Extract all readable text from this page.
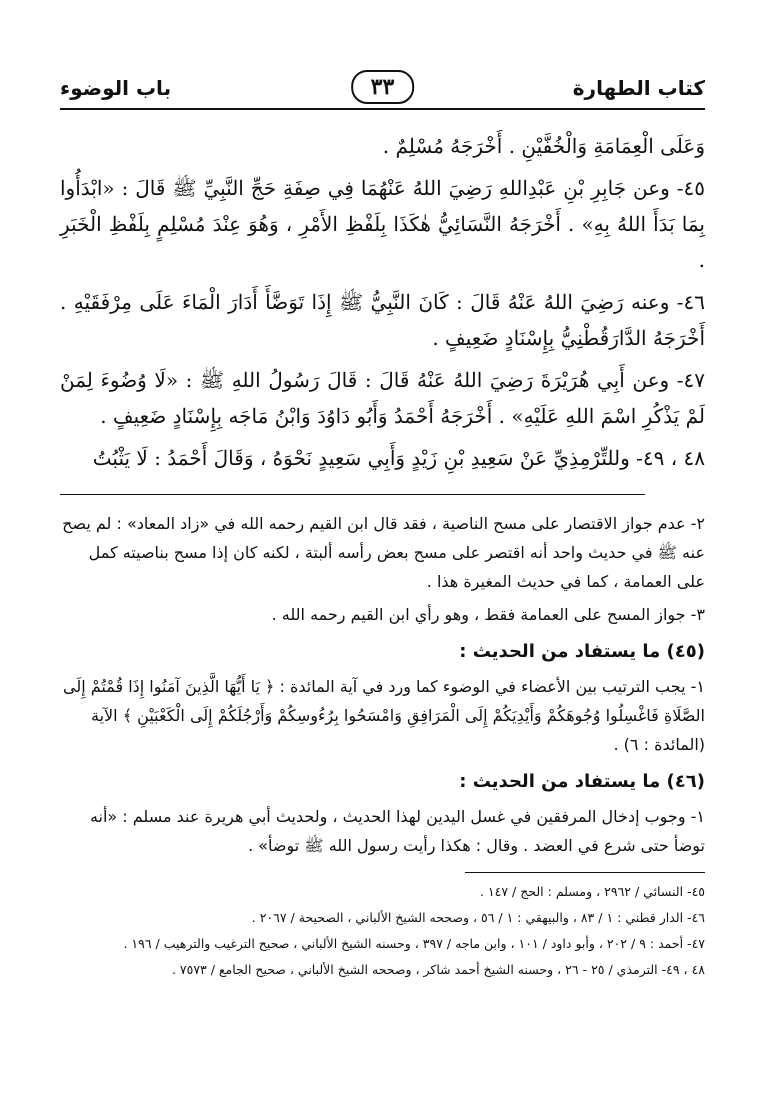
كتاب الطهارة
٣٣
باب الوضوء

وَعَلَى الْعِمَامَةِ وَالْخُفَّيْنِ . أَخْرَجَهُ مُسْلِمٌ .

٤٥- وعن جَابِرِ بْنِ عَبْدِاللهِ رَضِيَ اللهُ عَنْهُمَا فِي صِفَةِ حَجِّ النَّبِيِّ ﷺ قَالَ : «ابْدَأُوا بِمَا بَدَأَ اللهُ بِهِ» . أَخْرَجَهُ النَّسَائِيُّ هٰكَذَا بِلَفْظِ الأَمْرِ ، وَهُوَ عِنْدَ مُسْلِمٍ بِلَفْظِ الْخَبَرِ .

٤٦- وعنه رَضِيَ اللهُ عَنْهُ قَالَ : كَانَ النَّبِيُّ ﷺ إِذَا تَوَضَّأَ أَدَارَ الْمَاءَ عَلَى مِرْفَقَيْهِ . أَخْرَجَهُ الدَّارَقُطْنِيُّ بِإِسْنَادٍ ضَعِيفٍ .

٤٧- وعن أَبِي هُرَيْرَةَ رَضِيَ اللهُ عَنْهُ قَالَ : قَالَ رَسُولُ اللهِ ﷺ : «لَا وُضُوءَ لِمَنْ لَمْ يَذْكُرِ اسْمَ اللهِ عَلَيْهِ» . أَخْرَجَهُ أَحْمَدُ وَأَبُو دَاوُدَ وَابْنُ مَاجَه بِإِسْنَادٍ ضَعِيفٍ .

٤٨ ، ٤٩- وللتِّرْمِذِيِّ عَنْ سَعِيدِ بْنِ زَيْدٍ وَأَبِي سَعِيدٍ نَحْوَهُ ، وَقَالَ أَحْمَدُ : لَا يَثْبُتُ

٢- عدم جواز الاقتصار على مسح الناصية ، فقد قال ابن القيم رحمه الله في «زاد المعاد» : لم يصح عنه ﷺ في حديث واحد أنه اقتصر على مسح بعض رأسه ألبتة ، لكنه كان إذا مسح بناصيته كمل على العمامة ، كما في حديث المغيرة هذا .

٣- جواز المسح على العمامة فقط ، وهو رأي ابن القيم رحمه الله .

(٤٥) ما يستفاد من الحديث :

١- يجب الترتيب بين الأعضاء في الوضوء كما ورد في آية المائدة : ﴿ يَا أَيُّهَا الَّذِينَ آمَنُوا إِذَا قُمْتُمْ إِلَى الصَّلَاةِ فَاغْسِلُوا وُجُوهَكُمْ وَأَيْدِيَكُمْ إِلَى الْمَرَافِقِ وَامْسَحُوا بِرُءُوسِكُمْ وَأَرْجُلَكُمْ إِلَى الْكَعْبَيْنِ ﴾ الآية (المائدة : ٦) .

(٤٦) ما يستفاد من الحديث :

١- وجوب إدخال المرفقين في غسل اليدين لهذا الحديث ، ولحديث أبي هريرة عند مسلم : «أنه توضأ حتى شرع في العضد . وقال : هكذا رأيت رسول الله ﷺ توضأ» .

٤٥- النسائي / ٢٩٦٢ ، ومسلم : الحج / ١٤٧ .
٤٦- الدار قطني : ١ / ٨٣ ، والبيهقي : ١ / ٥٦ ، وصححه الشيخ الألباني ، الصحيحة / ٢٠٦٧ .
٤٧- أحمد : ٩ / ٢٠٢ ، وأبو داود / ١٠١ ، وابن ماجه / ٣٩٧ ، وحسنه الشيخ الألباني ، صحيح الترغيب والترهيب / ١٩٦ .
٤٨ ، ٤٩- الترمذي / ٢٥ - ٢٦ ، وحسنه الشيخ أحمد شاكر ، وصححه الشيخ الألباني ، صحيح الجامع / ٧٥٧٣ .
